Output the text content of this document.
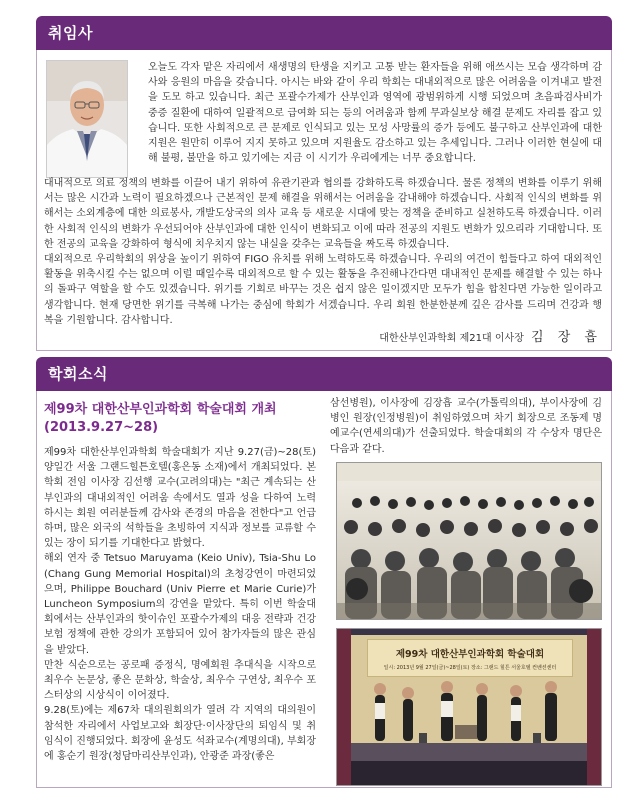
취임사

오늘도 각자 맡은 자리에서 새생명의 탄생을 지키고 고통 받는 환자들을 위해 애쓰시는 모습 생각하며 감사와 응원의 마음을 갖습니다. 아시는 바와 같이 우리 학회는 대내외적으로 많은 어려움을 이겨내고 발전을 도모 하고 있습니다. 최근 포괄수가제가 산부인과 영역에 광범위하게 시행 되었으며 초음파검사비가 중증 질환에 대하여 일괄적으로 급여화 되는 등의 어려움과 함께 무과실보상 해결 문제도 자리를 잡고 있습니다. 또한 사회적으로 큰 문제로 인식되고 있는 모성 사망률의 증가 등에도 불구하고 산부인과에 대한 지원은 원만히 이루어 지지 못하고 있으며 지원율도 감소하고 있는 추세입니다. 그러나 이러한 현실에 대해 불평, 불만을 하고 있기에는 지금 이 시기가 우리에게는 너무 중요합니다.

대내적으로 의료 정책의 변화를 이끌어 내기 위하여 유관기관과 협의를 강화하도록 하겠습니다. 물론 정책의 변화를 이루기 위해서는 많은 시간과 노력이 필요하겠으나 근본적인 문제 해결을 위해서는 어려움을 감내해야 하겠습니다. 사회적 인식의 변화를 위해서는 소외계층에 대한 의료봉사, 개발도상국의 의사 교육 등 새로운 시대에 맞는 정책을 준비하고 실천하도록 하겠습니다. 이러한 사회적 인식의 변화가 우선되어야 산부인과에 대한 인식이 변화되고 이에 따라 전공의 지원도 변화가 있으리라 기대합니다. 또한 전공의 교육을 강화하여 형식에 치우치지 않는 내실을 갖추는 교육들을 짜도록 하겠습니다.

대외적으로 우리학회의 위상을 높이기 위하여 FIGO 유치를 위해 노력하도록 하겠습니다. 우리의 여건이 힘들다고 하여 대외적인 활동을 위축시킬 수는 없으며 이럴 때일수록 대외적으로 할 수 있는 활동을 추진해나간다면 대내적인 문제를 해결할 수 있는 하나의 돌파구 역할을 할 수도 있겠습니다. 위기를 기회로 바꾸는 것은 쉽지 않은 일이겠지만 모두가 힘을 합친다면 가능한 일이라고 생각합니다. 현재 당면한 위기를 극복해 나가는 중심에 학회가 서겠습니다. 우리 회원 한분한분께 깊은 감사를 드리며 건강과 행복을 기원합니다. 감사합니다.

대한산부인과학회 제21대 이사장 김 장 흡
학회소식
제99차 대한산부인과학회 학술대회 개최
(2013.9.27~28)

제99차 대한산부인과학회 학술대회가 지난 9.27(금)~28(토) 양일간 서울 그랜드힐튼호텔(홍은동 소재)에서 개최되었다. 본 학회 전임 이사장 김선행 교수(고려의대)는 "최근 계속되는 산부인과의 대내외적인 어려움 속에서도 열과 성을 다하여 노력하시는 회원 여러분들께 감사와 존경의 마음을 전한다"고 언급하며, 많은 외국의 석학들을 초빙하여 지식과 정보를 교류할 수 있는 장이 되기를 기대한다고 밝혔다.

해외 연자 중 Tetsuo Maruyama (Keio Univ), Tsia-Shu Lo (Chang Gung Memorial Hospital)의 초청강연이 마련되었으며, Philippe Bouchard (Univ Pierre et Marie Curie)가 Luncheon Symposium의 강연을 맡았다. 특히 이번 학술대회에서는 산부인과의 핫이슈인 포괄수가제의 대응 전략과 건강보험 정책에 관한 강의가 포함되어 있어 참가자들의 많은 관심을 받았다.

만찬 식순으로는 공로패 증정식, 명예회원 추대식을 시작으로 최우수 논문상, 좋은 문화상, 학술상, 최우수 구연상, 최우수 포스터상의 시상식이 이어졌다.

9.28(토)에는 제67차 대의원회의가 열려 각 지역의 대의원이 참석한 자리에서 사업보고와 회장단·이사장단의 퇴임식 및 취임식이 진행되었다. 회장에 윤성도 석좌교수(계명의대), 부회장에 홍순기 원장(청담마리산부인과), 안광준 과장(좋은

삼선병원), 이사장에 김장흡 교수(가톨릭의대), 부이사장에 김병인 원장(인정병원)이 취임하였으며 차기 회장으로 조동제 명예교수(연세의대)가 선출되었다. 학술대회의 각 수상자 명단은 다음과 같다.

제99차 대한산부인과학회 학술대회
일시: 2013년 9월 27일(금)~28일(토) 장소: 그랜드 힐튼 서울호텔 컨벤션센터
